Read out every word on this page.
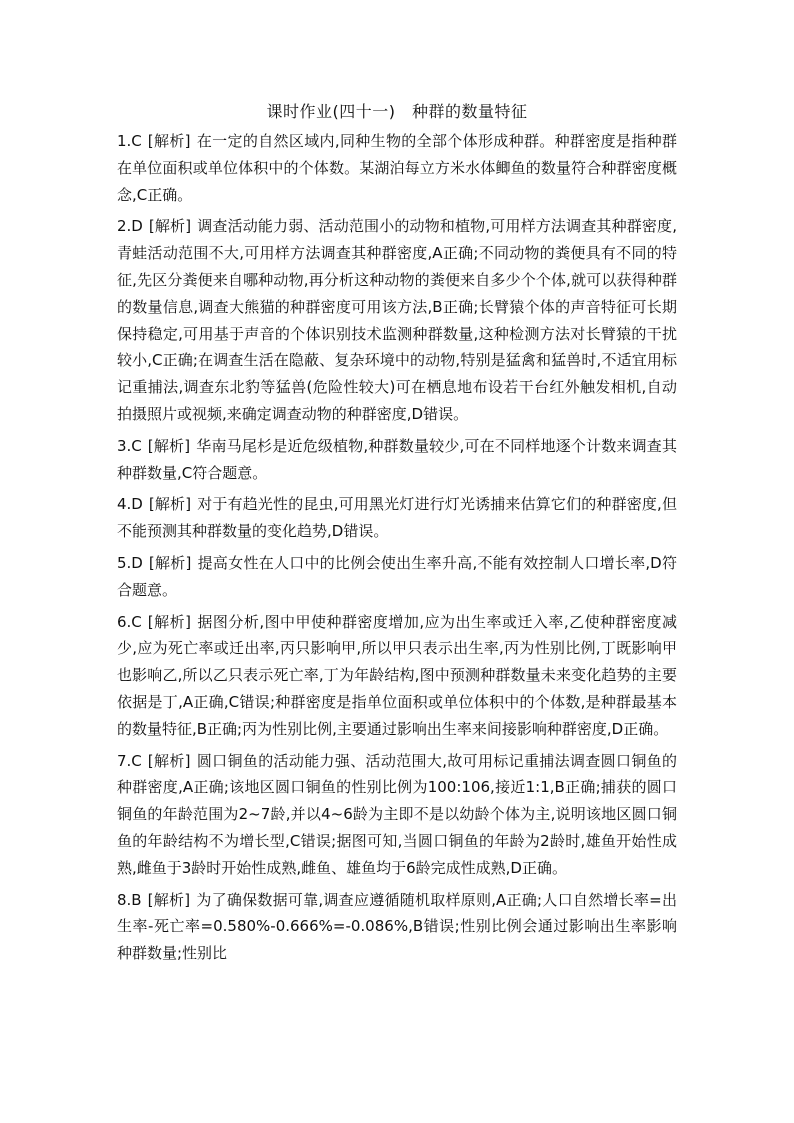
课时作业(四十一)　种群的数量特征

1.C [解析] 在一定的自然区域内,同种生物的全部个体形成种群。种群密度是指种群在单位面积或单位体积中的个体数。某湖泊每立方米水体鲫鱼的数量符合种群密度概念,C正确。

2.D [解析] 调查活动能力弱、活动范围小的动物和植物,可用样方法调查其种群密度,青蛙活动范围不大,可用样方法调查其种群密度,A正确;不同动物的粪便具有不同的特征,先区分粪便来自哪种动物,再分析这种动物的粪便来自多少个个体,就可以获得种群的数量信息,调查大熊猫的种群密度可用该方法,B正确;长臂猿个体的声音特征可长期保持稳定,可用基于声音的个体识别技术监测种群数量,这种检测方法对长臂猿的干扰较小,C正确;在调查生活在隐蔽、复杂环境中的动物,特别是猛禽和猛兽时,不适宜用标记重捕法,调查东北豹等猛兽(危险性较大)可在栖息地布设若干台红外触发相机,自动拍摄照片或视频,来确定调查动物的种群密度,D错误。

3.C [解析] 华南马尾杉是近危级植物,种群数量较少,可在不同样地逐个计数来调查其种群数量,C符合题意。

4.D [解析] 对于有趋光性的昆虫,可用黑光灯进行灯光诱捕来估算它们的种群密度,但不能预测其种群数量的变化趋势,D错误。

5.D [解析] 提高女性在人口中的比例会使出生率升高,不能有效控制人口增长率,D符合题意。

6.C [解析] 据图分析,图中甲使种群密度增加,应为出生率或迁入率,乙使种群密度减少,应为死亡率或迁出率,丙只影响甲,所以甲只表示出生率,丙为性别比例,丁既影响甲也影响乙,所以乙只表示死亡率,丁为年龄结构,图中预测种群数量未来变化趋势的主要依据是丁,A正确,C错误;种群密度是指单位面积或单位体积中的个体数,是种群最基本的数量特征,B正确;丙为性别比例,主要通过影响出生率来间接影响种群密度,D正确。

7.C [解析] 圆口铜鱼的活动能力强、活动范围大,故可用标记重捕法调查圆口铜鱼的种群密度,A正确;该地区圆口铜鱼的性别比例为100:106,接近1:1,B正确;捕获的圆口铜鱼的年龄范围为2~7龄,并以4~6龄为主即不是以幼龄个体为主,说明该地区圆口铜鱼的年龄结构不为增长型,C错误;据图可知,当圆口铜鱼的年龄为2龄时,雄鱼开始性成熟,雌鱼于3龄时开始性成熟,雌鱼、雄鱼均于6龄完成性成熟,D正确。

8.B [解析] 为了确保数据可靠,调查应遵循随机取样原则,A正确;人口自然增长率=出生率-死亡率=0.580%-0.666%=-0.086%,B错误;性别比例会通过影响出生率影响种群数量;性别比
